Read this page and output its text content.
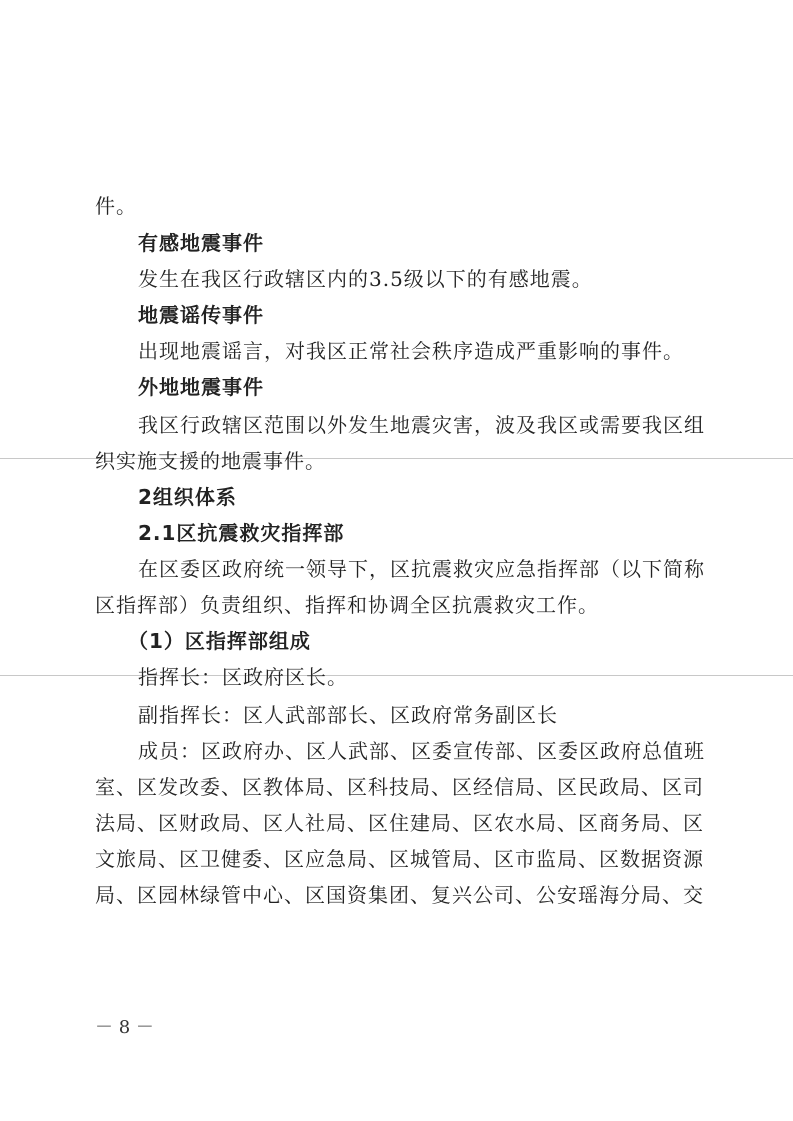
件。
有感地震事件
发生在我区行政辖区内的3.5级以下的有感地震。
地震谣传事件
出现地震谣言，对我区正常社会秩序造成严重影响的事件。
外地地震事件
我区行政辖区范围以外发生地震灾害，波及我区或需要我区组
织实施支援的地震事件。
2组织体系
2.1区抗震救灾指挥部
在区委区政府统一领导下，区抗震救灾应急指挥部（以下简称
区指挥部）负责组织、指挥和协调全区抗震救灾工作。
（1）区指挥部组成
指挥长：区政府区长。
副指挥长：区人武部部长、区政府常务副区长
成员：区政府办、区人武部、区委宣传部、区委区政府总值班
室、区发改委、区教体局、区科技局、区经信局、区民政局、区司
法局、区财政局、区人社局、区住建局、区农水局、区商务局、区
文旅局、区卫健委、区应急局、区城管局、区市监局、区数据资源
局、区园林绿管中心、区国资集团、复兴公司、公安瑶海分局、交
－ 8 －
